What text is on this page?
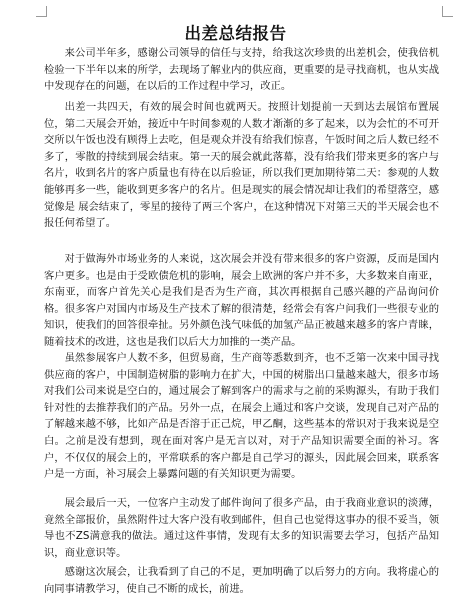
出差总结报告

来公司半年多，感谢公司领导的信任与支持，给我这次珍贵的出差机会，使我倍机检验一下半年以来的所学，去现场了解业内的供应商，更重要的是寻找商机，也从实战中发现存在的问题，在以后的工作过程中学习，改正。

出差一共四天，有效的展会时间也就两天。按照计划提前一天到达去展馆布置展位，第二天展会开始，接近中午时间参观的人数才渐渐的多了起来，以为会忙的不可开交所以午饭也没有顾得上去吃，但是观众并没有给我们惊喜，午饭时间之后人数已经不多了，零散的持续到展会结束。第一天的展会就此落幕，没有给我们带来更多的客户与名片，收到名片的客户质量也有待在以后验证，所以我们更加期待第二天：参观的人数能够再多一些，能收到更多客户的名片。但是现实的展会情况却让我们的希望落空，感觉像是 展会结束了，零星的接待了两三个客户，在这种情况下对第三天的半天展会也不报任何希望了。

对于做海外市场业务的人来说，这次展会并没有带来很多的客户资源，反而是国内客户更多。也是由于受欧债危机的影响，展会上欧洲的客户并不多，大多数来自南亚，东南亚，而客户首先关心是我们是否为生产商，其次再根据自己感兴趣的产品询问价格。很多客户对国内市场及生产技术了解的很清楚，经常会有客户问我们一些很专业的知识，使我们的回答很牵扯。另外颜色浅气味低的加氢产品正被越来越多的客户青睐，随着技术的改进，这也是我们以后大力加推的一类产品。

虽然参展客户人数不多，但贸易商，生产商等悉数到齐，也不乏第一次来中国寻找供应商的客户，中国制造树脂的影响力在扩大，中国的树脂出口量越来越大，很多市场对我们公司来说是空白的，通过展会了解到客户的需求与之前的采购源头，有助于我们针对性的去推荐我们的产品。另外一点，在展会上通过和客户交谈，发现自己对产品的了解越来越不够，比如产品是否溶于正己烷，甲乙酮，这些基本的常识对于我来说是空白。之前是没有想到，现在面对客户是无言以对，对于产品知识需要全面的补习。客户，不仅仅的展会上的，平常联系的客户都是自己学习的源头，因此展会回来，联系客户是一方面，补习展会上暴露问题的有关知识更为需要。

展会最后一天，一位客户主动发了邮件询问了很多产品，由于我商业意识的淡薄，竟然全部报价，虽然附件过大客户没有收到邮件，但自己也觉得这事办的很不妥当，领导也不ZS满意我的做法。通过这件事情，发现有太多的知识需要去学习，包括产品知识，商业意识等。

感谢这次展会，让我看到了自己的不足，更加明确了以后努力的方向。我将虚心的向同事请教学习，使自己不断的成长，前进。
